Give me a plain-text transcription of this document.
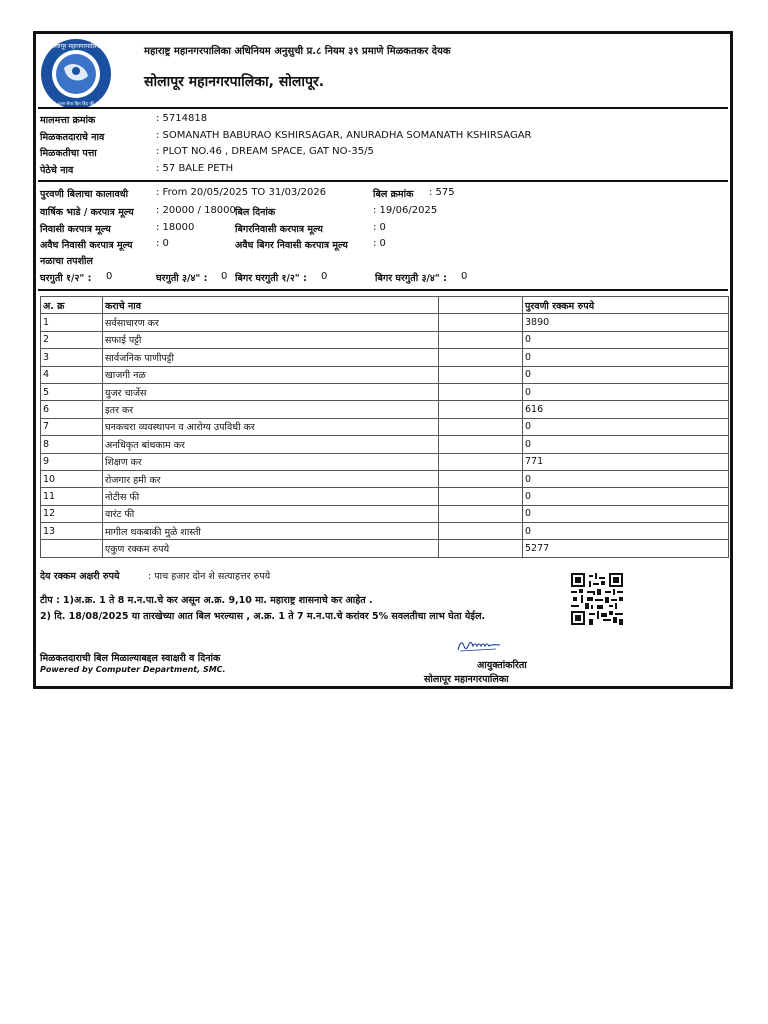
सोलापूर महानगरपालिका
चला सेवा हित हिंद की
महाराष्ट्र महानगरपालिका अधिनियम अनुसुची प्र.८ नियम ३९ प्रमाणे मिळकतकर देयक
सोलापूर महानगरपालिका, सोलापूर.
मालमत्ता क्रमांक	: 5714818
मिळकतदाराचे नाव	: SOMANATH BABURAO KSHIRSAGAR, ANURADHA SOMANATH KSHIRSAGAR
मिळकतीचा पत्ता	: PLOT NO.46 , DREAM SPACE, GAT NO-35/5
पेठेचे नाव	: 57 BALE PETH
पुरवणी बिलाचा कालावधी	: From 20/05/2025 TO 31/03/2026	बिल क्रमांक : 575
वार्षिक भाडे / करपात्र मूल्य : 20000 / 18000 बिल दिनांक	: 19/06/2025
निवासी करपात्र मूल्य	: 18000	बिगरनिवासी करपात्र मूल्य	: 0
अवैध निवासी करपात्र मूल्य : 0	अवैध बिगर निवासी करपात्र मूल्य	: 0
नळाचा तपशील
घरगुती १/२" : 0	घरगुती ३/४" : 0 बिगर घरगुती १/२" : 0	बिगर घरगुती ३/४" : 0
अ. क्र	कराचे नाव		पुरवणी रक्कम रुपये
1	सर्वसाधारण कर		3890
2	सफाई पट्टी		0
3	सार्वजनिक पाणीपट्टी		0
4	खाजगी नळ		0
5	युजर चार्जेस		0
6	इतर कर		616
7	घनकचरा व्यवस्थापन व आरोग्य उपविधी कर		0
8	अनधिकृत बांधकाम कर		0
9	शिक्षण कर		771
10	रोजगार हमी कर		0
11	नोटीस फी		0
12	वारंट फी		0
13	मागील थकबाकी मुळे शास्ती		0
	एकुण रक्कम रुपये		5277
देय रक्कम अक्षरी रुपये	: पाच हजार दोन शे सत्याहत्तर रुपये
टीप : 1)अ.क्र. 1 ते 8 म.न.पा.चे कर असून अ.क्र. 9,10 मा. महाराष्ट्र शासनाचे कर आहेत .
2) दि. 18/08/2025 या तारखेच्या आत बिल भरल्यास , अ.क्र. 1 ते 7 म.न.पा.चे करांवर 5% सवलतीचा लाभ घेता येईल.
मिळकतदाराची बिल मिळाल्याबद्दल स्वाक्षरी व दिनांक
Powered by Computer Department, SMC.	आयुक्तांकरिता
सोलापूर महानगरपालिका
